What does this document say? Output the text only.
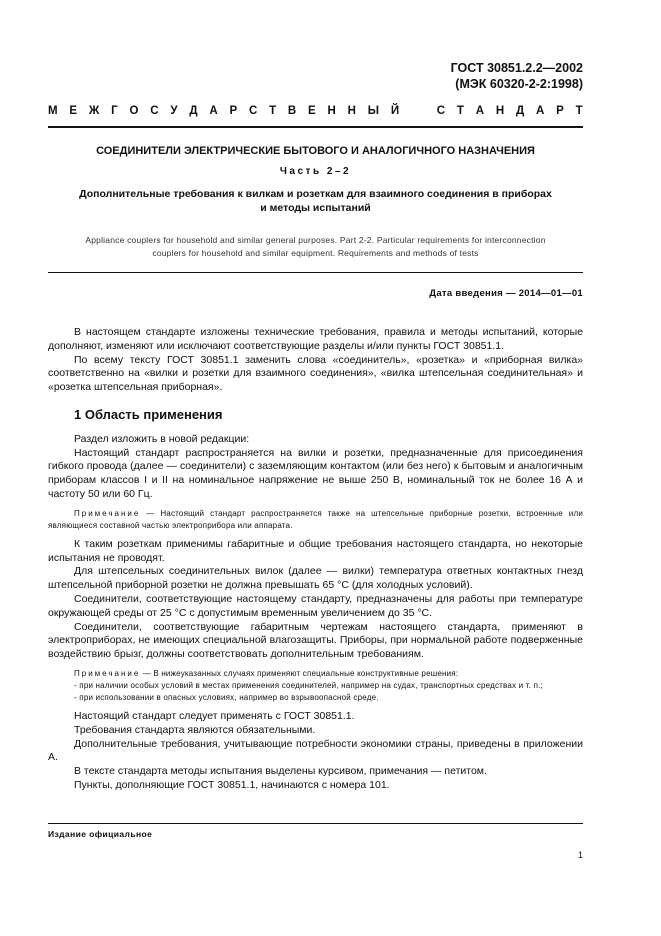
ГОСТ 30851.2.2—2002
(МЭК 60320-2-2:1998)
М Е Ж Г О С У Д А Р С Т В Е Н Н Ы Й	С Т А Н Д А Р Т
СОЕДИНИТЕЛИ ЭЛЕКТРИЧЕСКИЕ БЫТОВОГО И АНАЛОГИЧНОГО НАЗНАЧЕНИЯ
Часть 2–2
Дополнительные требования к вилкам и розеткам для взаимного соединения в приборах
и методы испытаний
Appliance couplers for household and similar general purposes. Part 2-2. Particular requirements for interconnection
couplers for household and similar equipment. Requirements and methods of tests
Дата введения — 2014—01—01

В настоящем стандарте изложены технические требования, правила и методы испытаний, которые дополняют, изменяют или исключают соответствующие разделы и/или пункты ГОСТ 30851.1.

По всему тексту ГОСТ 30851.1 заменить слова «соединитель», «розетка» и «приборная вилка» соответственно на «вилки и розетки для взаимного соединения», «вилка штепсельная соединительная» и «розетка штепсельная приборная».

1 Область применения

Раздел изложить в новой редакции:

Настоящий стандарт распространяется на вилки и розетки, предназначенные для присоединения гибкого провода (далее — соединители) с заземляющим контактом (или без него) к бытовым и аналогичным приборам классов I и II на номинальное напряжение не выше 250 В, номинальный ток не более 16 А и частоту 50 или 60 Гц.

Примечание — Настоящий стандарт распространяется также на штепсельные приборные розетки, встроенные или являющиеся составной частью электроприбора или аппарата.

К таким розеткам применимы габаритные и общие требования настоящего стандарта, но некоторые испытания не проводят.

Для штепсельных соединительных вилок (далее — вилки) температура ответных контактных гнезд штепсельной приборной розетки не должна превышать 65 °С (для холодных условий).

Соединители, соответствующие настоящему стандарту, предназначены для работы при температуре окружающей среды от 25 °С с допустимым временным увеличением до 35 °С.

Соединители, соответствующие габаритным чертежам настоящего стандарта, применяют в электроприборах, не имеющих специальной влагозащиты. Приборы, при нормальной работе подверженные воздействию брызг, должны соответствовать дополнительным требованиям.

Примечание — В нижеуказанных случаях применяют специальные конструктивные решения:

- при наличии особых условий в местах применения соединителей, например на судах, транспортных средствах и т. п.;

- при использовании в опасных условиях, например во взрывоопасной среде.

Настоящий стандарт следует применять с ГОСТ 30851.1.

Требования стандарта являются обязательными.

Дополнительные требования, учитывающие потребности экономики страны, приведены в приложении А.

В тексте стандарта методы испытания выделены курсивом, примечания — петитом.

Пункты, дополняющие ГОСТ 30851.1, начинаются с номера 101.

Издание официальное
1
